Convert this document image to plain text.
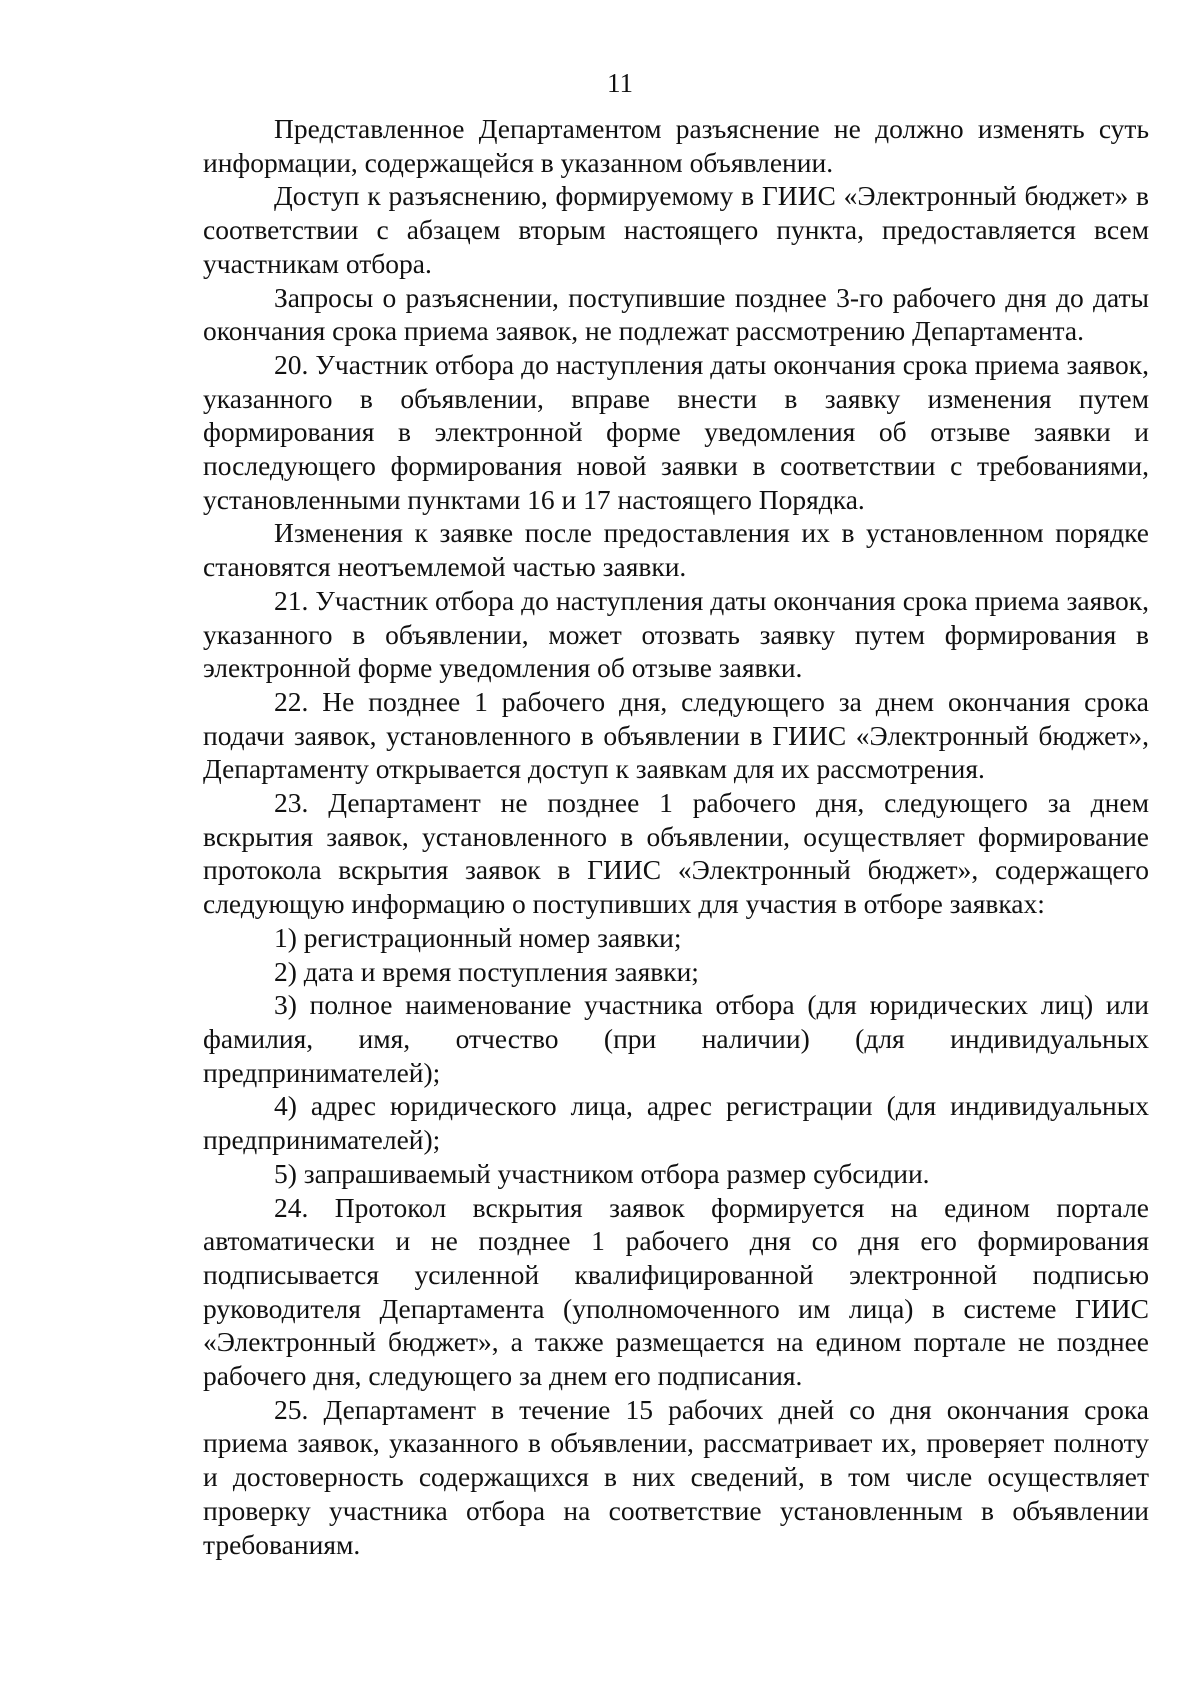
11

Представленное Департаментом разъяснение не должно изменять суть информации, содержащейся в указанном объявлении.

Доступ к разъяснению, формируемому в ГИИС «Электронный бюджет» в соответствии с абзацем вторым настоящего пункта, предоставляется всем участникам отбора.

Запросы о разъяснении, поступившие позднее 3-го рабочего дня до даты окончания срока приема заявок, не подлежат рассмотрению Департамента.

20. Участник отбора до наступления даты окончания срока приема заявок, указанного в объявлении, вправе внести в заявку изменения путем формирования в электронной форме уведомления об отзыве заявки и последующего формирования новой заявки в соответствии с требованиями, установленными пунктами 16 и 17 настоящего Порядка.

Изменения к заявке после предоставления их в установленном порядке становятся неотъемлемой частью заявки.

21. Участник отбора до наступления даты окончания срока приема заявок, указанного в объявлении, может отозвать заявку путем формирования в электронной форме уведомления об отзыве заявки.

22. Не позднее 1 рабочего дня, следующего за днем окончания срока подачи заявок, установленного в объявлении в ГИИС «Электронный бюджет», Департаменту открывается доступ к заявкам для их рассмотрения.

23. Департамент не позднее 1 рабочего дня, следующего за днем вскрытия заявок, установленного в объявлении, осуществляет формирование протокола вскрытия заявок в ГИИС «Электронный бюджет», содержащего следующую информацию о поступивших для участия в отборе заявках:

1) регистрационный номер заявки;

2) дата и время поступления заявки;

3) полное наименование участника отбора (для юридических лиц) или фамилия, имя, отчество (при наличии) (для индивидуальных предпринимателей);

4) адрес юридического лица, адрес регистрации (для индивидуальных предпринимателей);

5) запрашиваемый участником отбора размер субсидии.

24. Протокол вскрытия заявок формируется на едином портале автоматически и не позднее 1 рабочего дня со дня его формирования подписывается усиленной квалифицированной электронной подписью руководителя Департамента (уполномоченного им лица) в системе ГИИС «Электронный бюджет», а также размещается на едином портале не позднее рабочего дня, следующего за днем его подписания.

25. Департамент в течение 15 рабочих дней со дня окончания срока приема заявок, указанного в объявлении, рассматривает их, проверяет полноту и достоверность содержащихся в них сведений, в том числе осуществляет проверку участника отбора на соответствие установленным в объявлении требованиям.
